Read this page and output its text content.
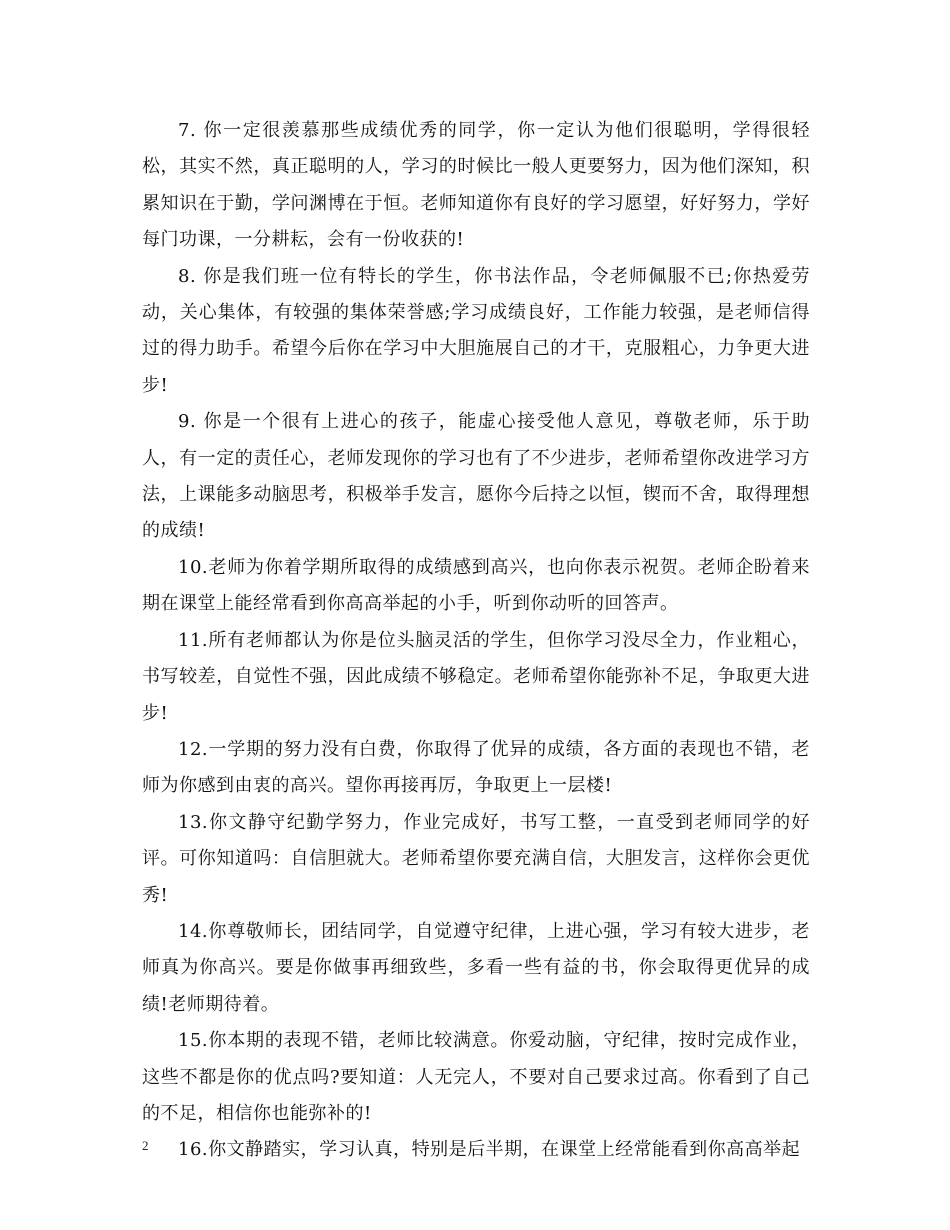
7. 你一定很羡慕那些成绩优秀的同学，你一定认为他们很聪明，学得很轻松，其实不然，真正聪明的人，学习的时候比一般人更要努力，因为他们深知，积累知识在于勤，学问渊博在于恒。老师知道你有良好的学习愿望，好好努力，学好每门功课，一分耕耘，会有一份收获的!

8. 你是我们班一位有特长的学生，你书法作品，令老师佩服不已;你热爱劳动，关心集体，有较强的集体荣誉感;学习成绩良好，工作能力较强，是老师信得过的得力助手。希望今后你在学习中大胆施展自己的才干，克服粗心，力争更大进步!

9. 你是一个很有上进心的孩子，能虚心接受他人意见，尊敬老师，乐于助人，有一定的责任心，老师发现你的学习也有了不少进步，老师希望你改进学习方法，上课能多动脑思考，积极举手发言，愿你今后持之以恒，锲而不舍，取得理想的成绩!

10.老师为你着学期所取得的成绩感到高兴，也向你表示祝贺。老师企盼着来期在课堂上能经常看到你高高举起的小手，听到你动听的回答声。

11.所有老师都认为你是位头脑灵活的学生，但你学习没尽全力，作业粗心，书写较差，自觉性不强，因此成绩不够稳定。老师希望你能弥补不足，争取更大进步!

12.一学期的努力没有白费，你取得了优异的成绩，各方面的表现也不错，老师为你感到由衷的高兴。望你再接再厉，争取更上一层楼!

13.你文静守纪勤学努力，作业完成好，书写工整，一直受到老师同学的好评。可你知道吗：自信胆就大。老师希望你要充满自信，大胆发言，这样你会更优秀!

14.你尊敬师长，团结同学，自觉遵守纪律，上进心强，学习有较大进步，老师真为你高兴。要是你做事再细致些，多看一些有益的书，你会取得更优异的成绩!老师期待着。

15.你本期的表现不错，老师比较满意。你爱动脑，守纪律，按时完成作业，这些不都是你的优点吗?要知道：人无完人，不要对自己要求过高。你看到了自己的不足，相信你也能弥补的!

16.你文静踏实，学习认真，特别是后半期，在课堂上经常能看到你高高举起

2
